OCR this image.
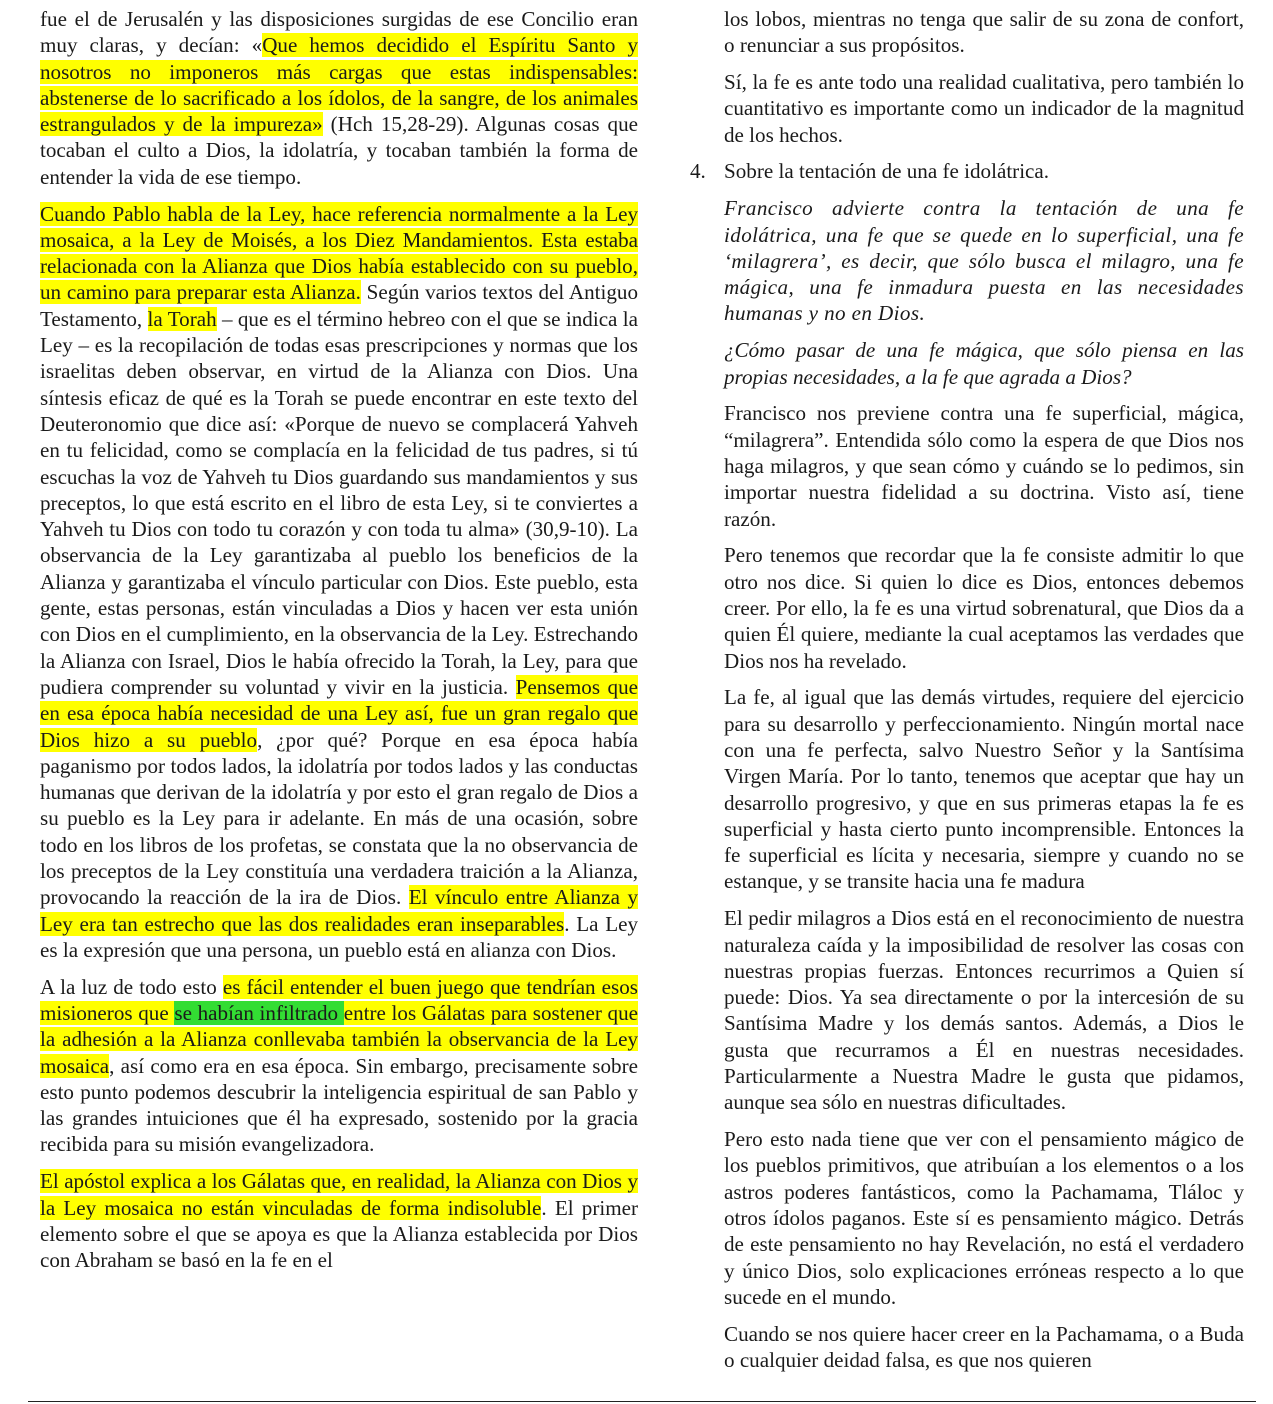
fue el de Jerusalén y las disposiciones surgidas de ese Concilio eran muy claras, y decían: «Que hemos decidido el Espíritu Santo y nosotros no imponeros más cargas que estas indispensables: abstenerse de lo sacrificado a los ídolos, de la sangre, de los animales estrangulados y de la impureza» (Hch 15,28-29). Algunas cosas que tocaban el culto a Dios, la idolatría, y tocaban también la forma de entender la vida de ese tiempo.

Cuando Pablo habla de la Ley, hace referencia normalmente a la Ley mosaica, a la Ley de Moisés, a los Diez Mandamientos. Esta estaba relacionada con la Alianza que Dios había establecido con su pueblo, un camino para preparar esta Alianza. Según varios textos del Antiguo Testamento, la Torah – que es el término hebreo con el que se indica la Ley – es la recopilación de todas esas prescripciones y normas que los israelitas deben observar, en virtud de la Alianza con Dios. Una síntesis eficaz de qué es la Torah se puede encontrar en este texto del Deuteronomio que dice así: «Porque de nuevo se complacerá Yahveh en tu felicidad, como se complacía en la felicidad de tus padres, si tú escuchas la voz de Yahveh tu Dios guardando sus mandamientos y sus preceptos, lo que está escrito en el libro de esta Ley, si te conviertes a Yahveh tu Dios con todo tu corazón y con toda tu alma» (30,9-10). La observancia de la Ley garantizaba al pueblo los beneficios de la Alianza y garantizaba el vínculo particular con Dios. Este pueblo, esta gente, estas personas, están vinculadas a Dios y hacen ver esta unión con Dios en el cumplimiento, en la observancia de la Ley. Estrechando la Alianza con Israel, Dios le había ofrecido la Torah, la Ley, para que pudiera comprender su voluntad y vivir en la justicia. Pensemos que en esa época había necesidad de una Ley así, fue un gran regalo que Dios hizo a su pueblo, ¿por qué? Porque en esa época había paganismo por todos lados, la idolatría por todos lados y las conductas humanas que derivan de la idolatría y por esto el gran regalo de Dios a su pueblo es la Ley para ir adelante. En más de una ocasión, sobre todo en los libros de los profetas, se constata que la no observancia de los preceptos de la Ley constituía una verdadera traición a la Alianza, provocando la reacción de la ira de Dios. El vínculo entre Alianza y Ley era tan estrecho que las dos realidades eran inseparables. La Ley es la expresión que una persona, un pueblo está en alianza con Dios.

A la luz de todo esto es fácil entender el buen juego que tendrían esos misioneros que se habían infiltrado entre los Gálatas para sostener que la adhesión a la Alianza conllevaba también la observancia de la Ley mosaica, así como era en esa época. Sin embargo, precisamente sobre esto punto podemos descubrir la inteligencia espiritual de san Pablo y las grandes intuiciones que él ha expresado, sostenido por la gracia recibida para su misión evangelizadora.

El apóstol explica a los Gálatas que, en realidad, la Alianza con Dios y la Ley mosaica no están vinculadas de forma indisoluble. El primer elemento sobre el que se apoya es que la Alianza establecida por Dios con Abraham se basó en la fe en el

los lobos, mientras no tenga que salir de su zona de confort, o renunciar a sus propósitos.

Sí, la fe es ante todo una realidad cualitativa, pero también lo cuantitativo es importante como un indicador de la magnitud de los hechos.

4. Sobre la tentación de una fe idolátrica.

Francisco advierte contra la tentación de una fe idolátrica, una fe que se quede en lo superficial, una fe ‘milagrera’, es decir, que sólo busca el milagro, una fe mágica, una fe inmadura puesta en las necesidades humanas y no en Dios.

¿Cómo pasar de una fe mágica, que sólo piensa en las propias necesidades, a la fe que agrada a Dios?

Francisco nos previene contra una fe superficial, mágica, “milagrera”. Entendida sólo como la espera de que Dios nos haga milagros, y que sean cómo y cuándo se lo pedimos, sin importar nuestra fidelidad a su doctrina. Visto así, tiene razón.

Pero tenemos que recordar que la fe consiste admitir lo que otro nos dice. Si quien lo dice es Dios, entonces debemos creer. Por ello, la fe es una virtud sobrenatural, que Dios da a quien Él quiere, mediante la cual aceptamos las verdades que Dios nos ha revelado.

La fe, al igual que las demás virtudes, requiere del ejercicio para su desarrollo y perfeccionamiento. Ningún mortal nace con una fe perfecta, salvo Nuestro Señor y la Santísima Virgen María. Por lo tanto, tenemos que aceptar que hay un desarrollo progresivo, y que en sus primeras etapas la fe es superficial y hasta cierto punto incomprensible. Entonces la fe superficial es lícita y necesaria, siempre y cuando no se estanque, y se transite hacia una fe madura

El pedir milagros a Dios está en el reconocimiento de nuestra naturaleza caída y la imposibilidad de resolver las cosas con nuestras propias fuerzas. Entonces recurrimos a Quien sí puede: Dios. Ya sea directamente o por la intercesión de su Santísima Madre y los demás santos. Además, a Dios le gusta que recurramos a Él en nuestras necesidades. Particularmente a Nuestra Madre le gusta que pidamos, aunque sea sólo en nuestras dificultades.

Pero esto nada tiene que ver con el pensamiento mágico de los pueblos primitivos, que atribuían a los elementos o a los astros poderes fantásticos, como la Pachamama, Tláloc y otros ídolos paganos. Este sí es pensamiento mágico. Detrás de este pensamiento no hay Revelación, no está el verdadero y único Dios, solo explicaciones erróneas respecto a lo que sucede en el mundo.

Cuando se nos quiere hacer creer en la Pachamama, o a Buda o cualquier deidad falsa, es que nos quieren
